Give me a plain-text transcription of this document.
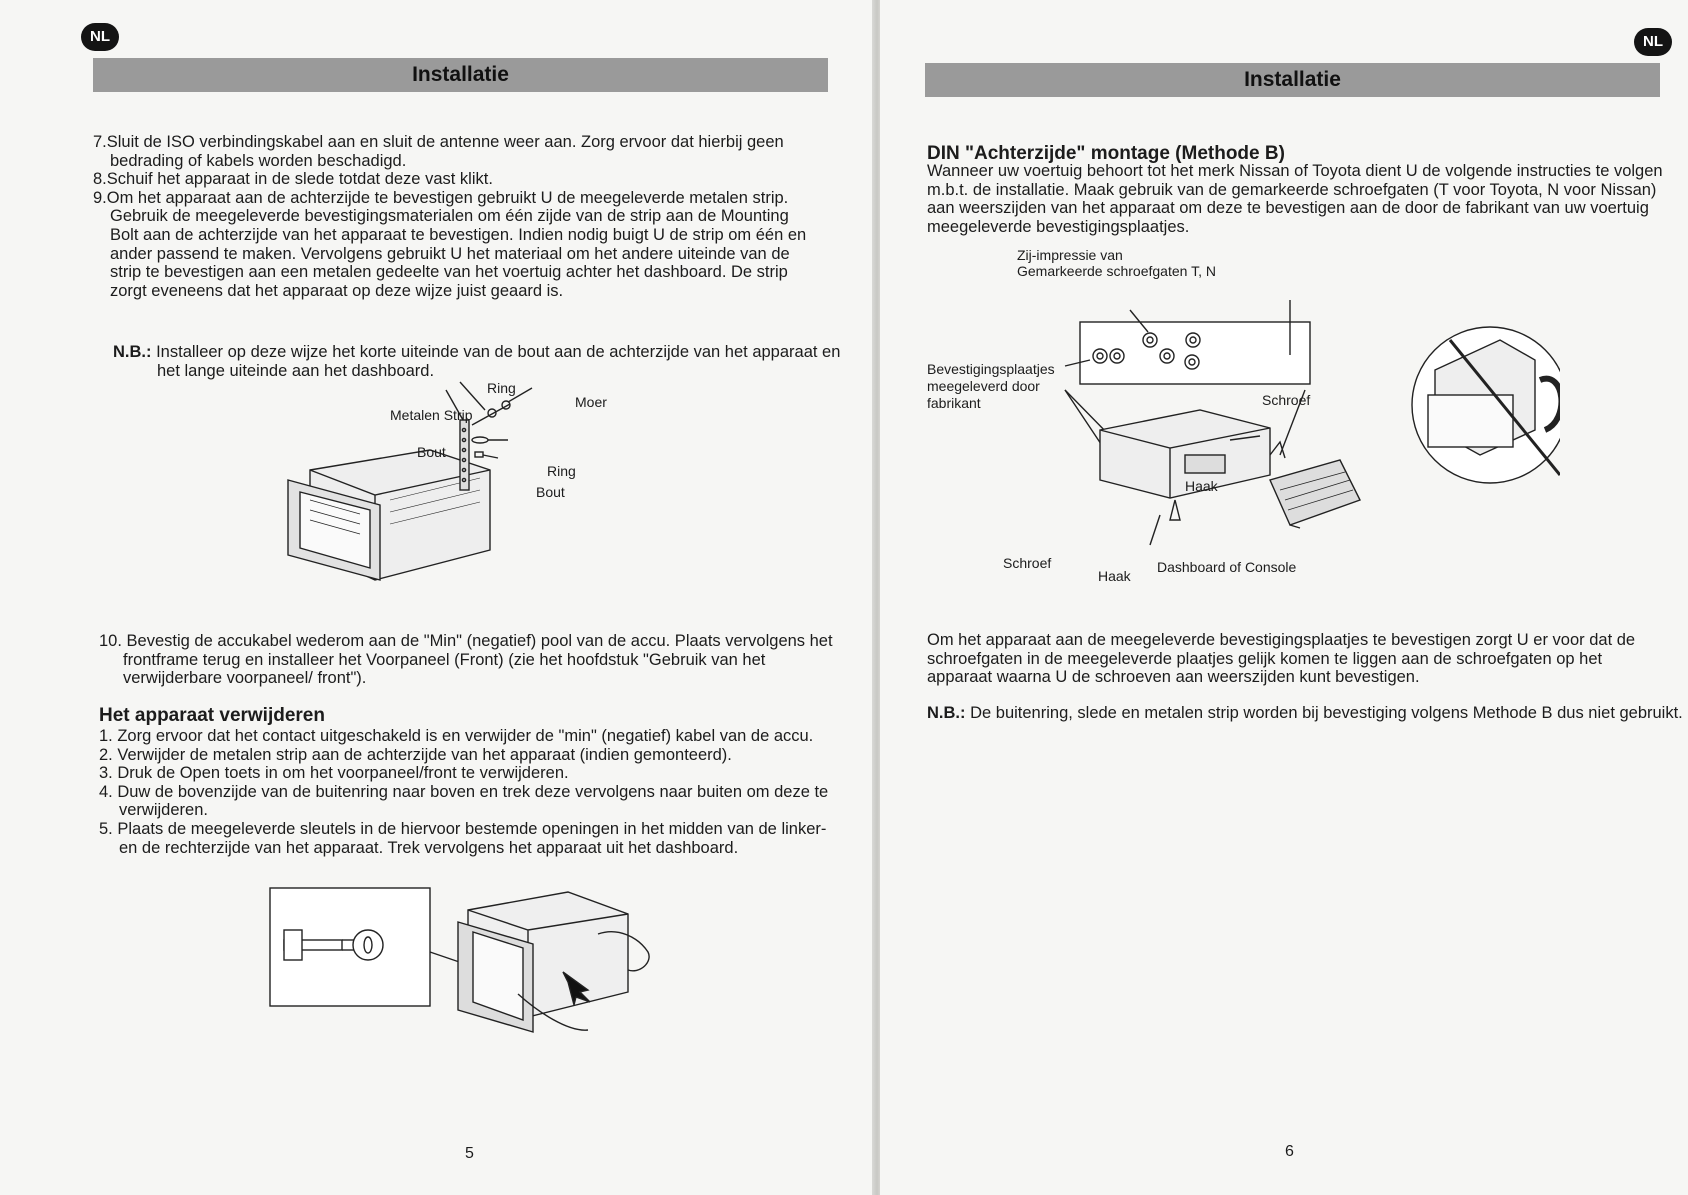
NL
Installatie

7.Sluit de ISO verbindingskabel aan en sluit de antenne weer aan. Zorg ervoor dat hierbij geen bedrading of kabels worden beschadigd.

8.Schuif het apparaat in de slede totdat deze vast klikt.

9.Om het apparaat aan de achterzijde te bevestigen gebruikt U de meegeleverde metalen strip. Gebruik de meegeleverde bevestigingsmaterialen om één zijde van de strip aan de Mounting Bolt aan de achterzijde van het apparaat te bevestigen. Indien nodig buigt U de strip om één en ander passend te maken. Vervolgens gebruikt U het materiaal om het andere uiteinde van de strip te bevestigen aan een metalen gedeelte van het voertuig achter het dashboard. De strip zorgt eveneens dat het apparaat op deze wijze juist geaard is.

N.B.: Installeer op deze wijze het korte uiteinde van de bout aan de achterzijde van het apparaat en het lange uiteinde aan het dashboard.
Ring
Moer
Metalen Strip
Bout
Ring
Bout
10. Bevestig de accukabel wederom aan de "Min" (negatief) pool van de accu. Plaats vervolgens het frontframe terug en installeer het Voorpaneel (Front) (zie het hoofdstuk "Gebruik van het verwijderbare voorpaneel/ front").

Het apparaat verwijderen

1. Zorg ervoor dat het contact uitgeschakeld is en verwijder de "min" (negatief) kabel van de accu.

2. Verwijder de metalen strip aan de achterzijde van het apparaat (indien gemonteerd).

3. Druk de Open toets in om het voorpaneel/front te verwijderen.

4. Duw de bovenzijde van de buitenring naar boven en trek deze vervolgens naar buiten om deze te verwijderen.

5. Plaats de meegeleverde sleutels in de hiervoor bestemde openingen in het midden van de linker- en de rechterzijde van het apparaat. Trek vervolgens het apparaat uit het dashboard.

5
NL
Installatie

DIN "Achterzijde" montage (Methode B)

Wanneer uw voertuig behoort tot het merk Nissan of Toyota dient U de volgende instructies te volgen m.b.t. de installatie. Maak gebruik van de gemarkeerde schroefgaten (T voor Toyota, N voor Nissan) aan weerszijden van het apparaat om deze te bevestigen aan de door de fabrikant van uw voertuig meegeleverde bevestigingsplaatjes.
Zij-impressie van
Gemarkeerde schroefgaten T, N
Bevestigingsplaatjes
meegeleverd door
fabrikant	Schroef
Haak
Schroef
Haak
Dashboard of Console
Om het apparaat aan de meegeleverde bevestigingsplaatjes te bevestigen zorgt U er voor dat de schroefgaten in de meegeleverde plaatjes gelijk komen te liggen aan de schroefgaten op het apparaat waarna U de schroeven aan weerszijden kunt bevestigen.
N.B.: De buitenring, slede en metalen strip worden bij bevestiging volgens Methode B dus niet gebruikt.
6
